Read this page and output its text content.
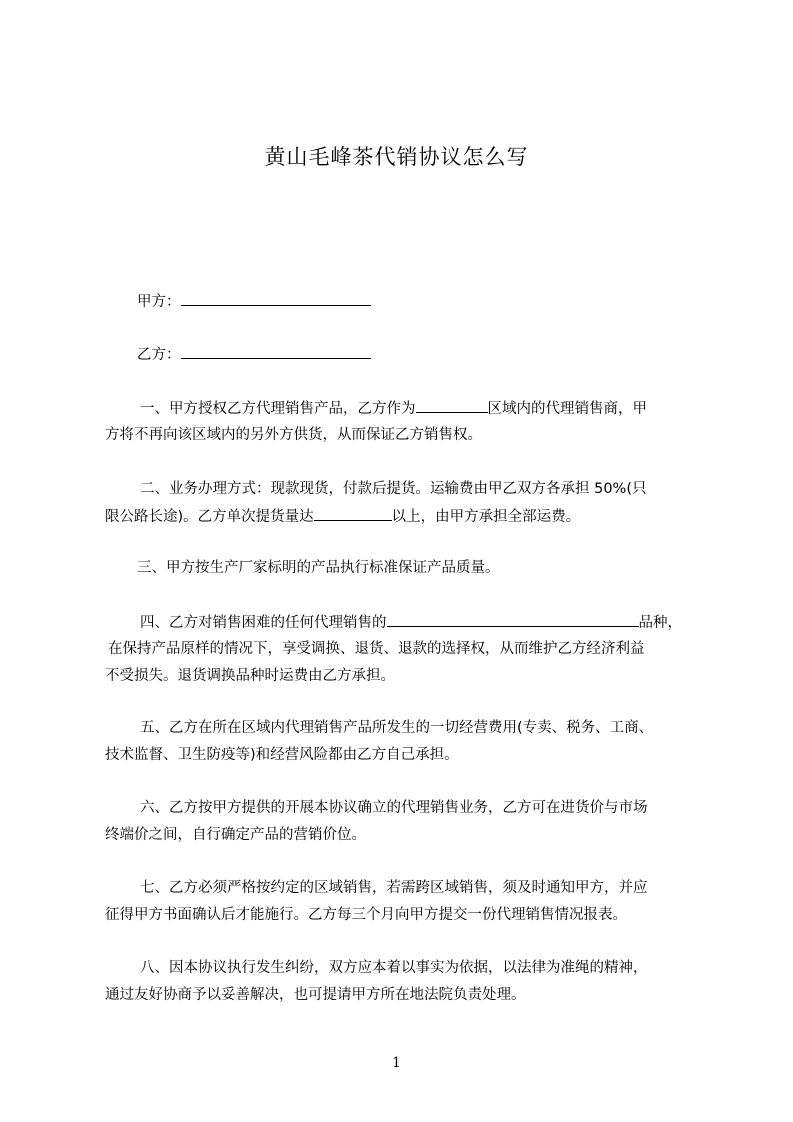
黄山毛峰茶代销协议怎么写
甲方：
乙方：
一、甲方授权乙方代理销售产品，乙方作为	区域内的代理销售商，甲
方将不再向该区域内的另外方供货，从而保证乙方销售权。
二、业务办理方式：现款现货，付款后提货。运输费由甲乙双方各承担 50%(只
限公路长途)。乙方单次提货量达	以上，由甲方承担全部运费。
三、甲方按生产厂家标明的产品执行标准保证产品质量。
四、乙方对销售困难的任何代理销售的	品种，
在保持产品原样的情况下，享受调换、退货、退款的选择权，从而维护乙方经济利益
不受损失。退货调换品种时运费由乙方承担。
五、乙方在所在区域内代理销售产品所发生的一切经营费用(专卖、税务、工商、
技术监督、卫生防疫等)和经营风险都由乙方自己承担。
六、乙方按甲方提供的开展本协议确立的代理销售业务，乙方可在进货价与市场
终端价之间，自行确定产品的营销价位。
七、乙方必须严格按约定的区域销售，若需跨区域销售，须及时通知甲方，并应
征得甲方书面确认后才能施行。乙方每三个月向甲方提交一份代理销售情况报表。
八、因本协议执行发生纠纷，双方应本着以事实为依据，以法律为准绳的精神，
通过友好协商予以妥善解决，也可提请甲方所在地法院负责处理。
1
